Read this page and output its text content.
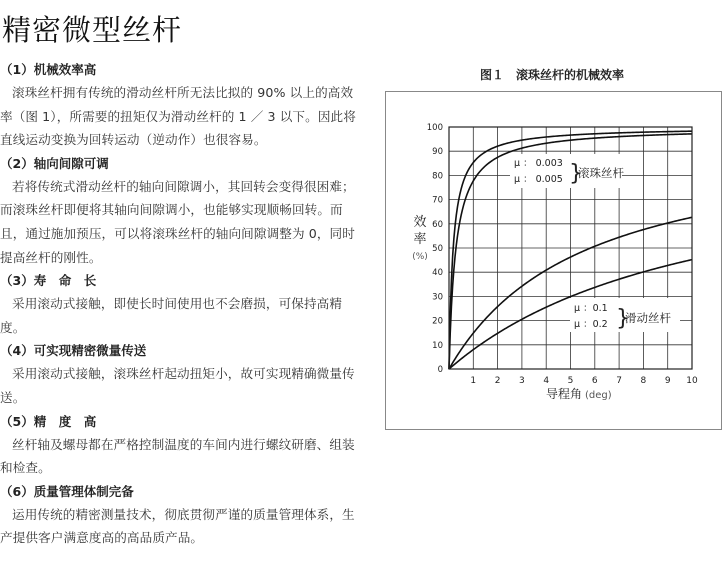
精密微型丝杆
（1）机械效率高

滚珠丝杆拥有传统的滑动丝杆所无法比拟的 90% 以上的高效率（图 1），所需要的扭矩仅为滑动丝杆的 1 ／ 3 以下。因此将直线运动变换为回转运动（逆动作）也很容易。

（2）轴向间隙可调

若将传统式滑动丝杆的轴向间隙调小，其回转会变得很困难；而滚珠丝杆即便将其轴向间隙调小，也能够实现顺畅回转。而且，通过施加预压，可以将滚珠丝杆的轴向间隙调整为 0，同时提高丝杆的刚性。

（3）寿　命　长

采用滚动式接触，即使长时间使用也不会磨损，可保持高精度。

（4）可实现精密微量传送

采用滚动式接触，滚珠丝杆起动扭矩小，故可实现精确微量传送。

（5）精　度　高

丝杆轴及螺母都在严格控制温度的车间内进行螺纹研磨、组装和检查。

（6）质量管理体制完备

运用传统的精密测量技术，彻底贯彻严谨的质量管理体系，生产提供客户满意度高的高品质产品。

图１　滚珠丝杆的机械效率
1 2 3 4 5 6 7 8 9 10
0
10
20
30
40
50
60
70
80
90
100
效
率
(%)
导程角 (deg)
μ ： 0.003
μ ： 0.005 }
滚珠丝杆
μ ：0.1
μ ：0.2 }
滑动丝杆
